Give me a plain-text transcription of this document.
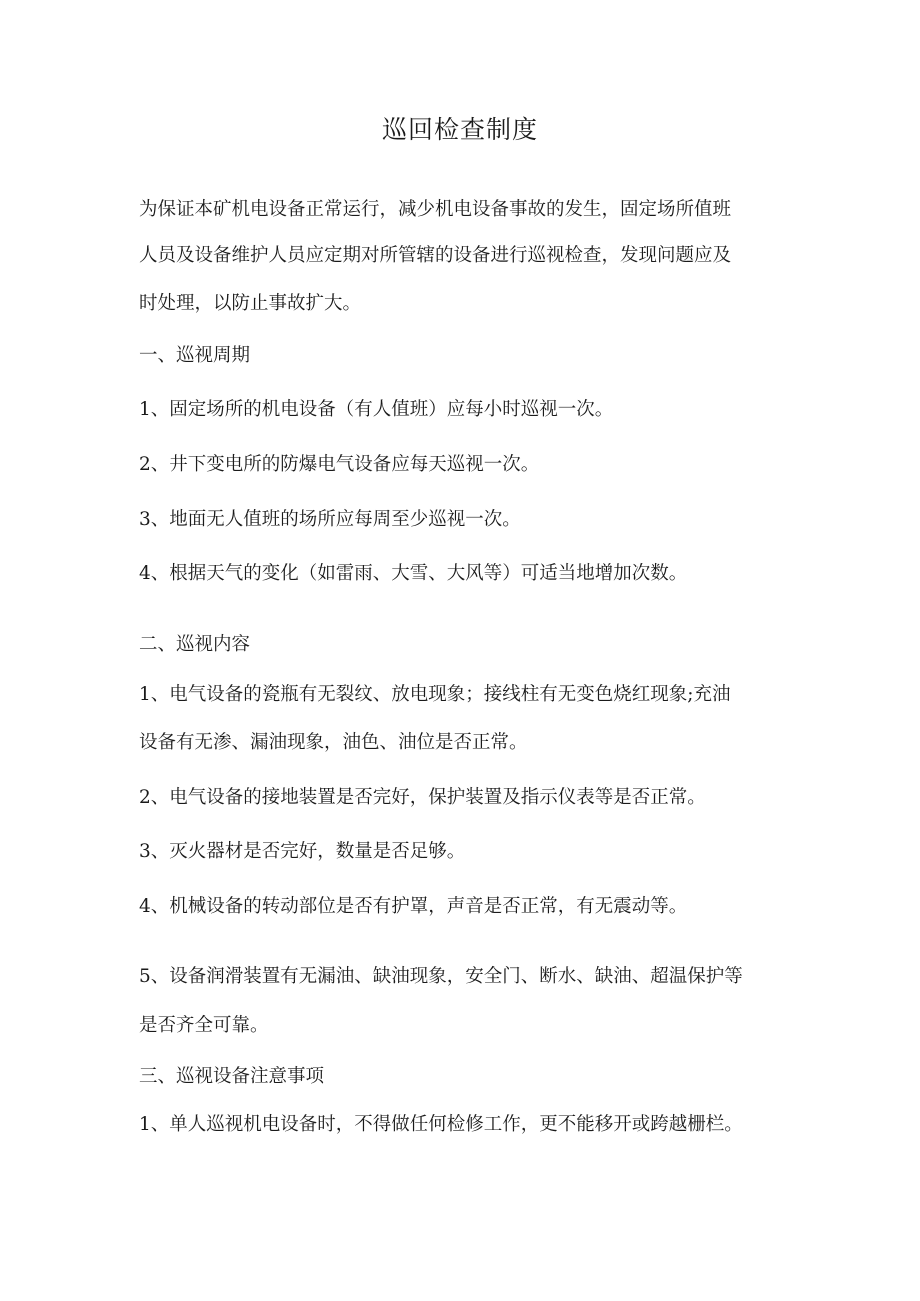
巡回检查制度
为保证本矿机电设备正常运行，减少机电设备事故的发生，固定场所值班
人员及设备维护人员应定期对所管辖的设备进行巡视检查，发现问题应及
时处理，以防止事故扩大。
一、巡视周期
1、固定场所的机电设备（有人值班）应每小时巡视一次。
2、井下变电所的防爆电气设备应每天巡视一次。
3、地面无人值班的场所应每周至少巡视一次。
4、根据天气的变化（如雷雨、大雪、大风等）可适当地增加次数。
二、巡视内容
1、电气设备的瓷瓶有无裂纹、放电现象；接线柱有无变色烧红现象;充油
设备有无渗、漏油现象，油色、油位是否正常。
2、电气设备的接地装置是否完好，保护装置及指示仪表等是否正常。
3、灭火器材是否完好，数量是否足够。
4、机械设备的转动部位是否有护罩，声音是否正常，有无震动等。
5、设备润滑装置有无漏油、缺油现象，安全门、断水、缺油、超温保护等
是否齐全可靠。
三、巡视设备注意事项
1、单人巡视机电设备时，不得做任何检修工作，更不能移开或跨越栅栏。
